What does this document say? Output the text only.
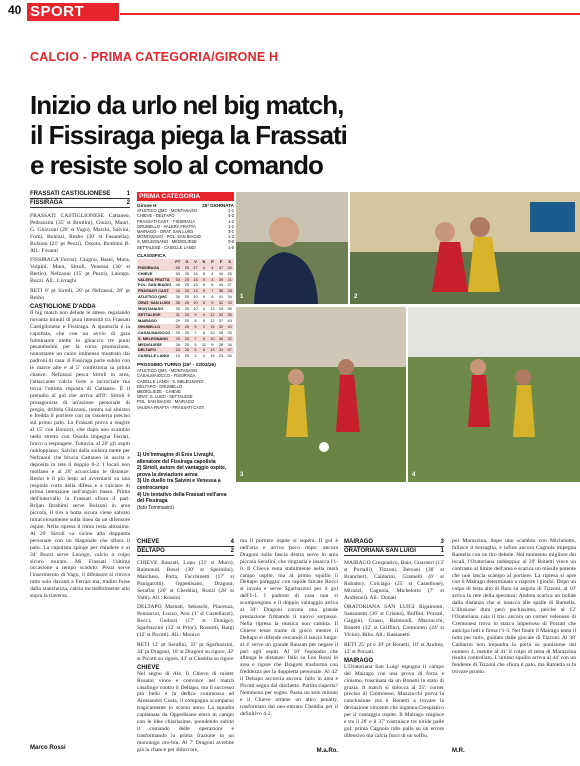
40 SPORT
CALCIO - PRIMA CATEGORIA/GIRONE H
Inizio da urlo nel big match,
il Fissiraga piega la Frassati
e resiste solo al comando
FRASSATI CASTIGLIONESE	1
FISSIRAGA	2
FRASSATI CASTIGLIONESE Cattaneo, Pedrazzini (35' st Bruttini), Giuzzi, Mauri, G. Ghizzoni (26' st Vago), Marchi, Salvini, Forni, Bonizzi, Resho (30' st Fasanella), Bolzoni (21' pt Pezzi). Ossola, Ibrahimi B. All.: Fosanti
FISSIRAGA Ferrari, Giugno, Basei, Mora, Volpini, Mura, Sirtoli, Venessa (30' st Bertin), Nefzaoui (15' pt Pezzi), Luongo, Bozzi. All.: Livraghi
RETI 8' pt Sirtoli, 20' pt Nefzaoui, 28' pt Resho
CASTIGLIONE D'ADDA
Il big match non delude le attese, regalando novanta minuti di pura intensità tra Frassati Castiglionese e Fissiraga. A spuntarla è la capolista, che con un avvio di gara fulminante mette in ghiaccio tre punti pesantissimi per la corsa promozione, nonostante un cuore immenso mostrato dai padroni di casa. Il Fissiraga parte subito con le marce alte e al 5' confeziona la prima chance: Nefzaoui pesca Sirtoli in area, l'attaccante calcia forte a incrociare ma trova l'ottima risposta di Cattaneo. È il preludio al gol che arriva all'8': Sirtoli è protagonista di un'azione personale di pregio, dribbla Ghizzoni, rientra sul sinistro e fredda il portiere con un rasoterra preciso sul primo palo. La Frassati prova a reagire al 15' con Bonizzi, che dopo uno scambio nello stretto con Ossola impegna Ferrari, bravo a respingere. Tuttavia, al 20' gli ospiti raddoppiano: Salvini dalla sinistra mette per Nefzaoui che brucia Cattaneo in uscita e deposita in rete il doppio 0-2. I locali non mollano e al 28' accorciano le distanze: Resho è il più lesto ad avventarsi su una respinta corta della difesa e a calciare di prima intenzione nell'angolo basso. Prima dell'intervallo la Frassati sfiora il pari: Brijan Ibrahimi serve Bolzoni in area piccola, il tiro a botta sicura viene salvato miracolosamente sulla linea da un difensore ospite. Nella ripresa il ritmo resta altissimo. Al 20' Sirtoli va vicino alla doppietta personale con un diagonale che sfiora il palo. La capolista spinge per chiudere e al 34' Bozzi serve Luongo, calcio a colpo sicuro murato. Mi Frassati l'ultima occasione a tempo scaduto: Pezzi serve l'inserimento di Vago, il difensore si ritrova tutto solo davanti a Ferrari ma, tradito forse dalla stanchezza, calcia incredibilmente alto sopra la traversa.
Marco Rossi
PRIMA CATEGORIA
Girone H	25ª GIORNATA
ATLETICO QMC - MONTANASO	1-1
CHIEVE - DELTAPO	4-2
FRASSATI CAST. - FISSIRAGA	1-2
GRUMELLO - VALERA FRATTA	1-2
MAIRAGO - ORAT. SAN LUIGI	3-1
MONTANASO - POL. SAN BIAGIO	1-3
S. MELEGNANO - MEDIGLIESE	0-0
SETTALESE - CASELLE LANDI	1-0
CLASSIFICA
	PT	G	V	N	P	F	S
FISSIRAGA	55	25	17	4	4	47	20
CHIEVE	53	25	16	5	4	44	25
VALERA FRATTA	53	25	16	5	4	39	21
POL. SAN BIAGIO	45	25	13	6	6	44	37
FRASSATI CAST.	44	25	13	5	7	38	28
ATLETICO QMC	39	25	10	9	6	41	34
ORAT. SAN LUIGI	36	25	10	6	9	32	33
MONTANASO	33	25	10	3	12	29	35
SETTALESE	31	25	9	4	12	32	35
MAIRAGO	29	25	8	5	12	37	43
GRUMELLO	29	25	9	2	14	32	40
CASALMAIOCCO	29	25	7	8	10	28	33
S. MELEGNANO	29	25	7	8	10	26	32
MEDIGLIESE	26	25	5	11	9	28	34
DELTAPO	24	25	6	6	13	31	47
CASELLE LANDI	10	25	2	4	19	23	54
PROSSIMO TURNO (26ª - 22/03/26)
ATLETICO QMC - MONTANASO
CASALMAIOCCO - FISSIRAGA
CASELLE LANDI - S. MELEGNANO
DELTAPO - GRUMELLO
MEDIGLIESE - CHIEVE
ORAT. S. LUIGI - SETTALESE
POL. SAN BIAGIO - MAIRAGO
VALERA FRATTA - FRASSATI CAST.
1) Un'immagine di Eros Livraghi, allenatore del Fissiraga capolista
2) Sirtoli, autore del vantaggio ospite, prova la deviazione aerea
3) Un duello tra Salvini e Venessa a centrocampo
4) Un tentativo della Frassati nell'area del Fissiraga
(foto Tommasini)
1	2
3	4
CHIEVE	4
DELTAPO	2
CHIEVE Ranzati, Lupo (31' st Muro), Raimondi, Bossi (30' st Sperolini), Marchesi, Porta, Facchinetti (17' st Panigarotti), Oppedisano, Dragoni, Serafini (20' st Cheddia), Rozzi (28' st Vatti). All.: Rossini
DELTAPO Marnati, Sebaschi, Piacenza, Pennacini, Lozzo, Arsi (1' st Castellazzi), Rocci, Godizzi (17' st Donigo), Sgarbazzini (12' st Prior), Rossotti, Bargi (12' st Picotti). All.: Monico
RETI 12' pt Serafini, 33' pt Sgarbazzini, 34' pt Dragoni, 10' st Dragoni su rigore, 42' st Picotti su rigore, 43' st Cheddia su rigore
CHIEVE
Nel segno di Ale. Il Chieve di mister Rossini vince e convince nel match casalingo contro il Deltapo, ma il successo più bello è la dedica commossa ad Alessandro Costa, il compagno scomparso tragicamente lo scorso anno. La squadra capitanata da Oppedisano entra in campo con le idee chiarissime, prendendo subito il comando delle operazioni e trasformando la prima frazione in un monologo oro-blu. Al 7' Dragoni avrebbe già la chance per sbloccare,
ma il portiere ospite si supera. Il gol è nell'aria e arriva poco dopo: ancora Dragoni sulla fascia destra serve in area piccola Serafini, che ringrazia e insacca l'1-0. Il Chieve resta stabilmente nella metà campo ospite, ma al primo squillo il Deltapo pareggia: con rapide falcate Rocci si invola e serve Sgarbazzini per il gol dell'1-1. I padroni di casa non si scompongono e il doppio vantaggio arriva al 34': Dragoni corona una grande prestazione firmando il nuovo sorpasso. Nella ripresa la musica non cambia. Il Chieve tesse trame di gioco mentre il Deltapo si difende cercando il lancio lungo: al 4' serve un grande Ranzati per negare il pari agli ospiti. Al 10' l'episodio che allunga le distanze: fallo su Leo Rossi in area e rigore che Dragoni trasforma con freddezza per la doppietta personale. Al 42' il Deltapo accorcia ancora: fallo in area e Picotti segna dal dischetto. Partita riaperta? Nemmeno per sogno. Passa un solo minuto e il Chieve ottiene un altro penalty, trasformato dal neo-entrato Cheddia per il definitivo 4-2.
M.a.Ro.
MAIRAGO	3
ORATORIANA SAN LUIGI	1
MAIRAGO Crespiatico, Baio, Guarneri (13' st Portalli), Tizzoni, Bersani (38' st Brancher), Caldarini, Gramelli (6' st Rubatto), Colciago (25' st Castellone), Mirazzi, Cagnola, Michelotto (7' st Andreoni). All.: Donati
ORATORIANA SAN LUIGI Rigamonti, Sansonetti (36' st Cristea), Boffini, Porzati, Gaggini, Grassi, Raimondi, Mazzucchi, Bonetti (32' st Griffini), Cremonesi (24' st Vicini), Biba. All.: Bassanetti
RETI 25' pt e 39' pt Bonetti, 10' st Andrea, 12' st Porzati.
MAIRAGO
L'Oratoriana San Luigi espugna il campo del Mairago con una prova di forza e cinismo, trascinata da un Bonetti in stato di grazia. Il match si sblocca al 25': corner preciso di Cremonesi, Mazzucchi prova la conclusione ma è Bonetti a trovare la deviazione vincente che inganna Crespiatico per il vantaggio ospite. Il Mairago reagisce e tra il 28' e il 37' costruisce tre nitide palle gol: prima Cagnola rubs palla su un errore difensivo ma calcia fuori di un soffio,
poi Marazzina, dopo uno scambio con Michelotto, fallisce il bersaglio, e infine ancora Cagnola impegna Ramella con un tiro debole. Nel momento migliore dei locali, l'Oratoriana raddoppia: al 39' Bonetti vince un contrasto al limite dell'area e scarica un missile potente che non lascia scampo al portiere. La ripresa si apre con il Mairago determinato a riaprire i giochi. Dopo un colpo di testa alto di Baio su angolo di Tizzoni, al 10' arriva la rete della speranza: Andrea scarica un bolide dalla distanza che si insacca alle spalle di Ramella. L'illusione dura però pochissimo, perché al 12' l'Oratoriana cala il tris: ancora un corner velenoso di Cremonesi trova lo stacco imperioso di Porzati che anticipa tutti e firma l'1-3. Nel finale il Mairago tenta il tutto per tutto, guidato dalle giocate di Tizzoni. Al 38' Caldarini non inquadra la porta su punizione dal numero 4, mentre al 41' il colpo di testa di Marazzina risulta controllato. L'ultimo squillo arriva al 44' con un fendente di Tizzoni che sfiora il palo, ma Ramella si fa trovare pronto.
M.R.
